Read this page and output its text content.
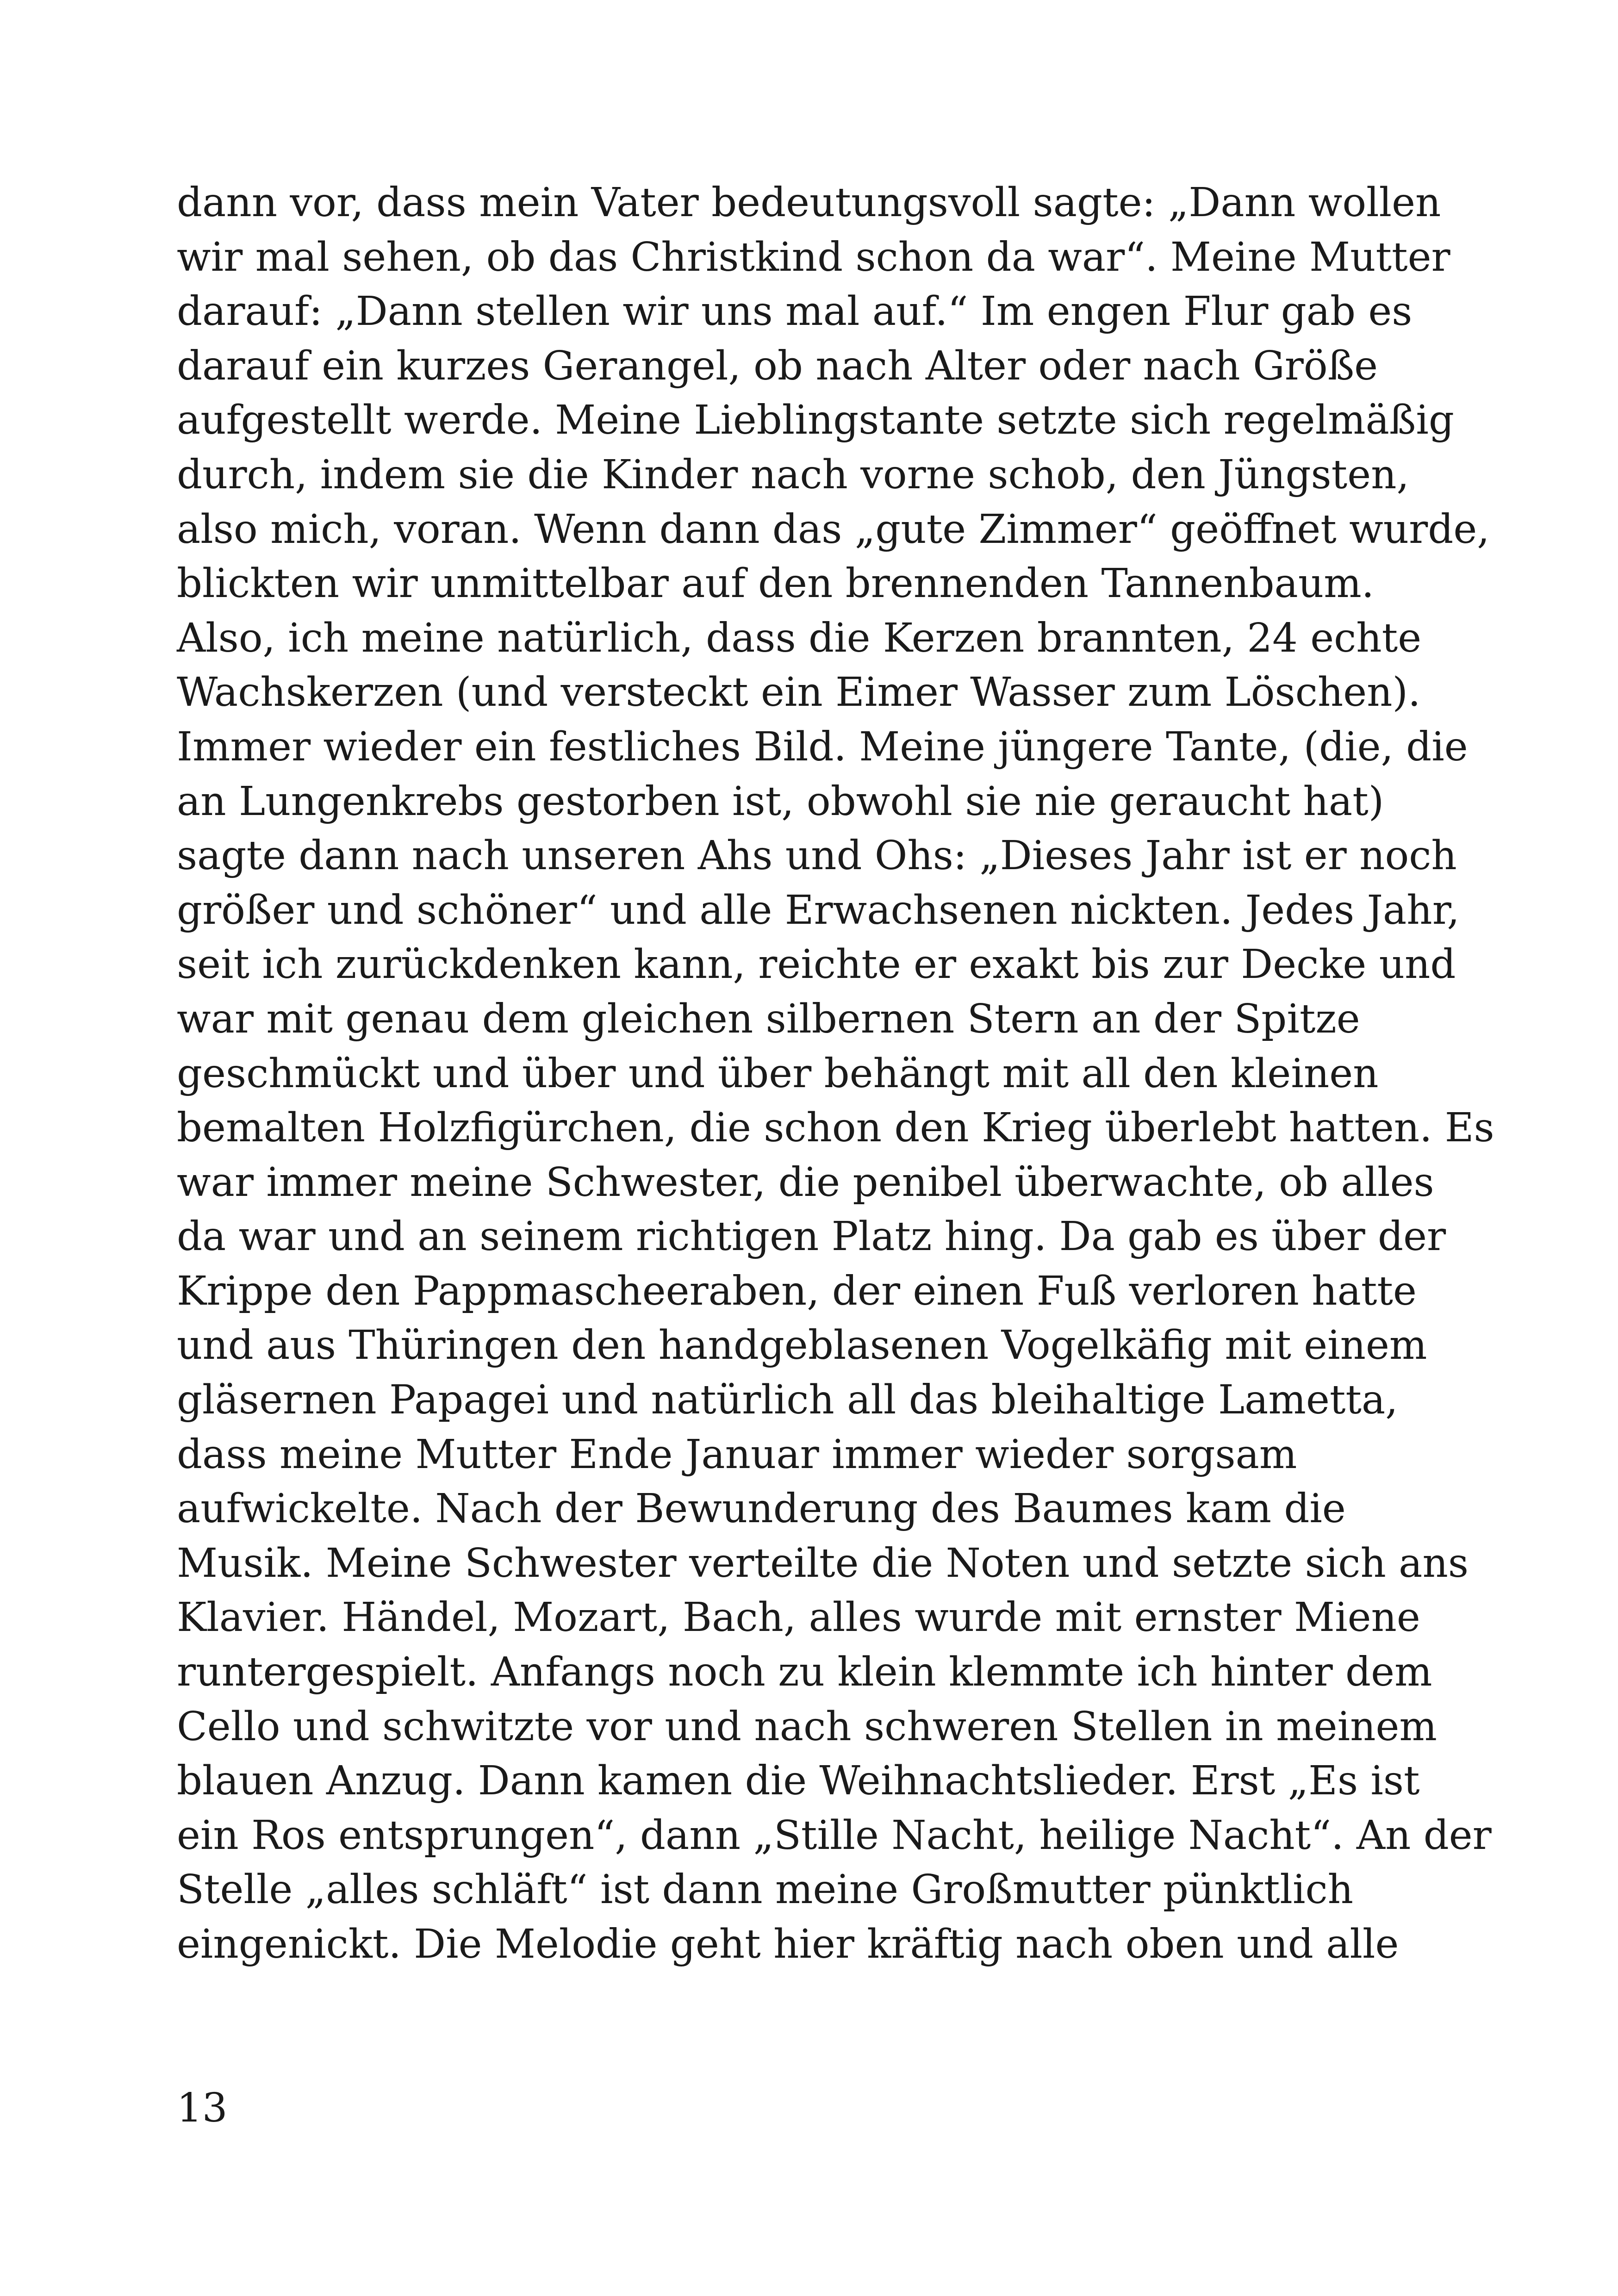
dann vor, dass mein Vater bedeutungsvoll sagte: „Dann wollen
wir mal sehen, ob das Christkind schon da war“. Meine Mutter
darauf: „Dann stellen wir uns mal auf.“ Im engen Flur gab es
darauf ein kurzes Gerangel, ob nach Alter oder nach Größe
aufgestellt werde. Meine Lieblingstante setzte sich regelmäßig
durch, indem sie die Kinder nach vorne schob, den Jüngsten,
also mich, voran. Wenn dann das „gute Zimmer“ geöffnet wurde,
blickten wir unmittelbar auf den brennenden Tannenbaum.
Also, ich meine natürlich, dass die Kerzen brannten, 24 echte
Wachskerzen (und versteckt ein Eimer Wasser zum Löschen).
Immer wieder ein festliches Bild. Meine jüngere Tante, (die, die
an Lungenkrebs gestorben ist, obwohl sie nie geraucht hat)
sagte dann nach unseren Ahs und Ohs: „Dieses Jahr ist er noch
größer und schöner“ und alle Erwachsenen nickten. Jedes Jahr,
seit ich zurückdenken kann, reichte er exakt bis zur Decke und
war mit genau dem gleichen silbernen Stern an der Spitze
geschmückt und über und über behängt mit all den kleinen
bemalten Holzfigürchen, die schon den Krieg überlebt hatten. Es
war immer meine Schwester, die penibel überwachte, ob alles
da war und an seinem richtigen Platz hing. Da gab es über der
Krippe den Pappmascheeraben, der einen Fuß verloren hatte
und aus Thüringen den handgeblasenen Vogelkäfig mit einem
gläsernen Papagei und natürlich all das bleihaltige Lametta,
dass meine Mutter Ende Januar immer wieder sorgsam
aufwickelte. Nach der Bewunderung des Baumes kam die
Musik. Meine Schwester verteilte die Noten und setzte sich ans
Klavier. Händel, Mozart, Bach, alles wurde mit ernster Miene
runtergespielt. Anfangs noch zu klein klemmte ich hinter dem
Cello und schwitzte vor und nach schweren Stellen in meinem
blauen Anzug. Dann kamen die Weihnachtslieder. Erst „Es ist
ein Ros entsprungen“, dann „Stille Nacht, heilige Nacht“. An der
Stelle „alles schläft“ ist dann meine Großmutter pünktlich
eingenickt. Die Melodie geht hier kräftig nach oben und alle
13
